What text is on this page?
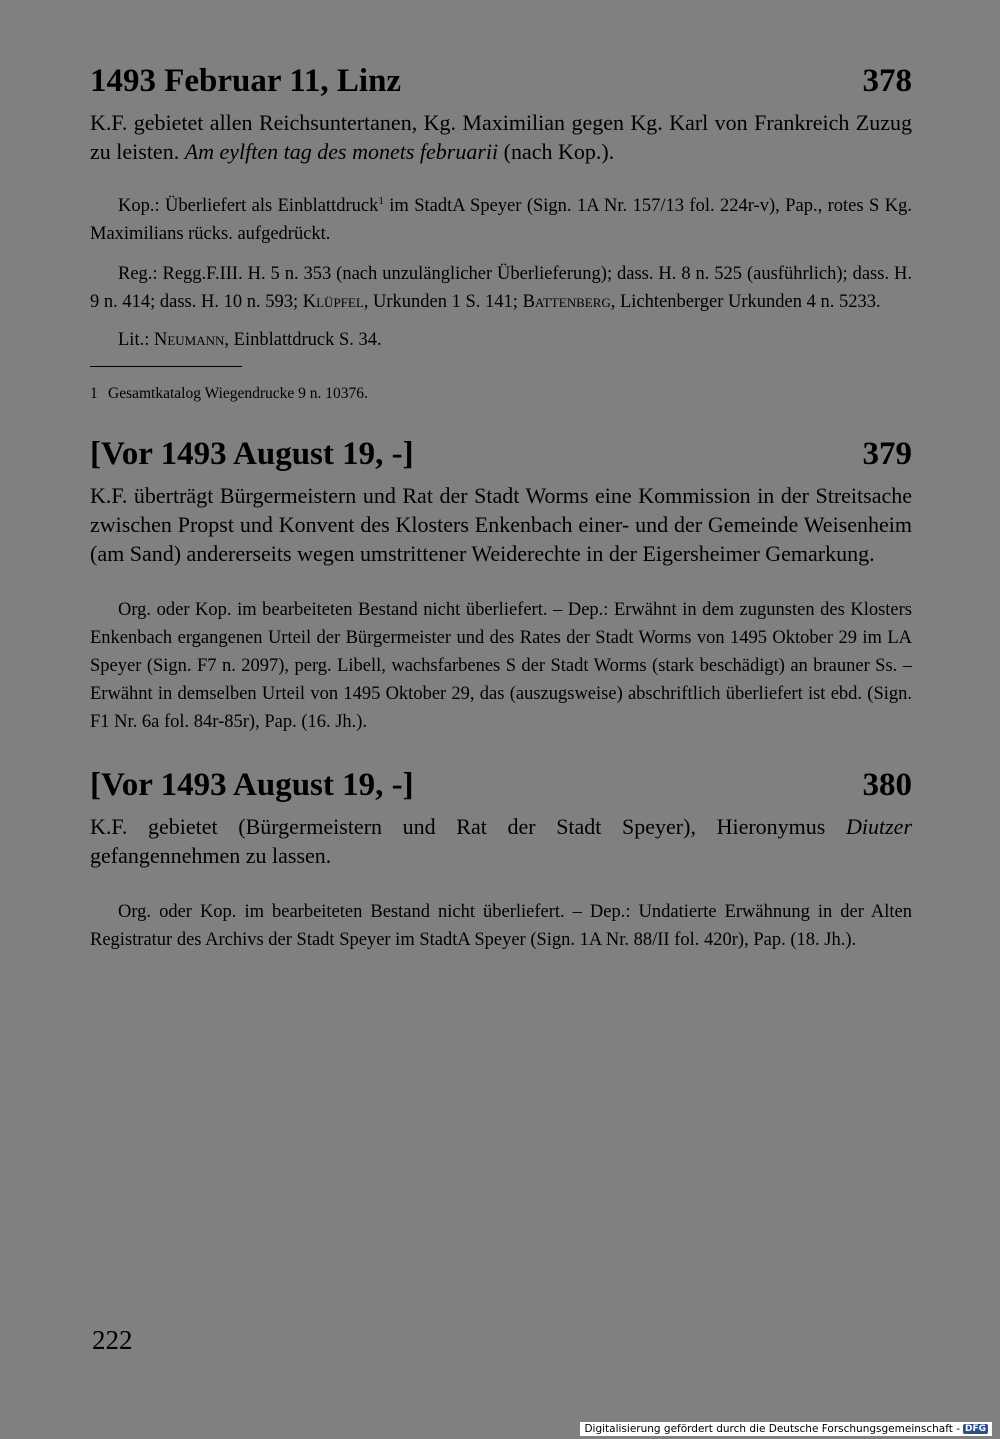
1493 Februar 11, Linz	378

K.F. gebietet allen Reichsuntertanen, Kg. Maximilian gegen Kg. Karl von Frankreich Zuzug zu leisten. Am eylften tag des monets februarii (nach Kop.).

Kop.: Überliefert als Einblattdruck$^1$ im StadtA Speyer (Sign. 1A Nr. 157/13 fol. 224r-v), Pap., rotes S Kg. Maximilians rücks. aufgedrückt.

Reg.: Regg.F.III. H. 5 n. 353 (nach unzulänglicher Überlieferung); dass. H. 8 n. 525 (ausführlich); dass. H. 9 n. 414; dass. H. 10 n. 593; Klüpfel, Urkunden 1 S. 141; Battenberg, Lichtenberger Urkunden 4 n. 5233.

Lit.: Neumann, Einblattdruck S. 34.

1 Gesamtkatalog Wiegendrucke 9 n. 10376.

[Vor 1493 August 19, -]	379

K.F. überträgt Bürgermeistern und Rat der Stadt Worms eine Kommission in der Streitsache zwischen Propst und Konvent des Klosters Enkenbach einer- und der Gemeinde Weisenheim (am Sand) andererseits wegen umstrittener Weiderechte in der Eigersheimer Gemarkung.

Org. oder Kop. im bearbeiteten Bestand nicht überliefert. – Dep.: Erwähnt in dem zugunsten des Klosters Enkenbach ergangenen Urteil der Bürgermeister und des Rates der Stadt Worms von 1495 Oktober 29 im LA Speyer (Sign. F7 n. 2097), perg. Libell, wachsfarbenes S der Stadt Worms (stark beschädigt) an brauner Ss. – Erwähnt in demselben Urteil von 1495 Oktober 29, das (auszugsweise) abschriftlich überliefert ist ebd. (Sign. F1 Nr. 6a fol. 84r-85r), Pap. (16. Jh.).

[Vor 1493 August 19, -]	380

K.F. gebietet (Bürgermeistern und Rat der Stadt Speyer), Hieronymus Diutzer gefangennehmen zu lassen.

Org. oder Kop. im bearbeiteten Bestand nicht überliefert. – Dep.: Undatierte Erwähnung in der Alten Registratur des Archivs der Stadt Speyer im StadtA Speyer (Sign. 1A Nr. 88/II fol. 420r), Pap. (18. Jh.).

222
Digitalisierung gefördert durch die Deutsche Forschungsgemeinschaft - DFG
